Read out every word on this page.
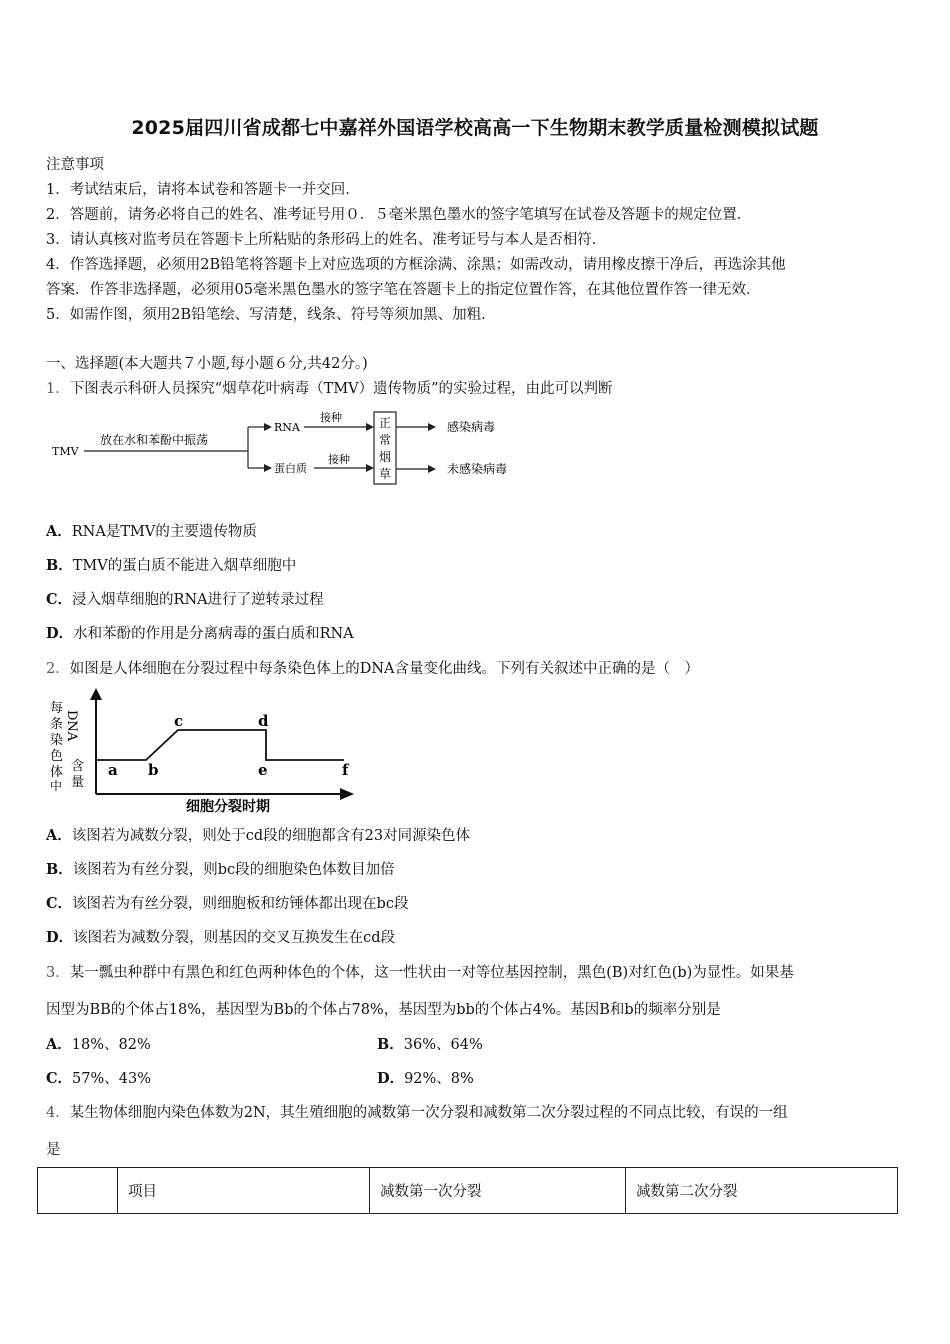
2025届四川省成都七中嘉祥外国语学校高高一下生物期末教学质量检测模拟试题
注意事项
1．考试结束后，请将本试卷和答题卡一并交回．
2．答题前，请务必将自己的姓名、准考证号用０．５毫米黑色墨水的签字笔填写在试卷及答题卡的规定位置．
3．请认真核对监考员在答题卡上所粘贴的条形码上的姓名、准考证号与本人是否相符．
4．作答选择题，必须用2B铅笔将答题卡上对应选项的方框涂满、涂黑；如需改动，请用橡皮擦干净后，再选涂其他
答案．作答非选择题，必须用05毫米黑色墨水的签字笔在答题卡上的指定位置作答，在其他位置作答一律无效．
5．如需作图，须用2B铅笔绘、写清楚，线条、符号等须加黑、加粗．
一、选择题(本大题共７小题,每小题６分,共42分。)
1．下图表示科研人员探究“烟草花叶病毒（TMV）遗传物质”的实验过程，由此可以判断
TMV
放在水和苯酚中振荡
RNA
蛋白质
接种
接种
正
常
烟
草
感染病毒
未感染病毒
A．RNA是TMV的主要遗传物质
B．TMV的蛋白质不能进入烟草细胞中
C．浸入烟草细胞的RNA进行了逆转录过程
D．水和苯酚的作用是分离病毒的蛋白质和RNA
2．如图是人体细胞在分裂过程中每条染色体上的DNA含量变化曲线。下列有关叙述中正确的是（　）
每
条
染
色
体
中
DNA
含
量
a b
c	d
e	f
细胞分裂时期
A．该图若为减数分裂，则处于cd段的细胞都含有23对同源染色体
B．该图若为有丝分裂，则bc段的细胞染色体数目加倍
C．该图若为有丝分裂，则细胞板和纺锤体都出现在bc段
D．该图若为减数分裂，则基因的交叉互换发生在cd段
3．某一瓢虫种群中有黑色和红色两种体色的个体，这一性状由一对等位基因控制，黑色(B)对红色(b)为显性。如果基
因型为BB的个体占18%，基因型为Bb的个体占78%，基因型为bb的个体占4%。基因B和b的频率分别是
A．18%、82%	B．36%、64%
C．57%、43%	D．92%、8%
4．某生物体细胞内染色体数为2N，其生殖细胞的减数第一次分裂和减数第二次分裂过程的不同点比较，有误的一组
是
	项目	减数第一次分裂	减数第二次分裂
